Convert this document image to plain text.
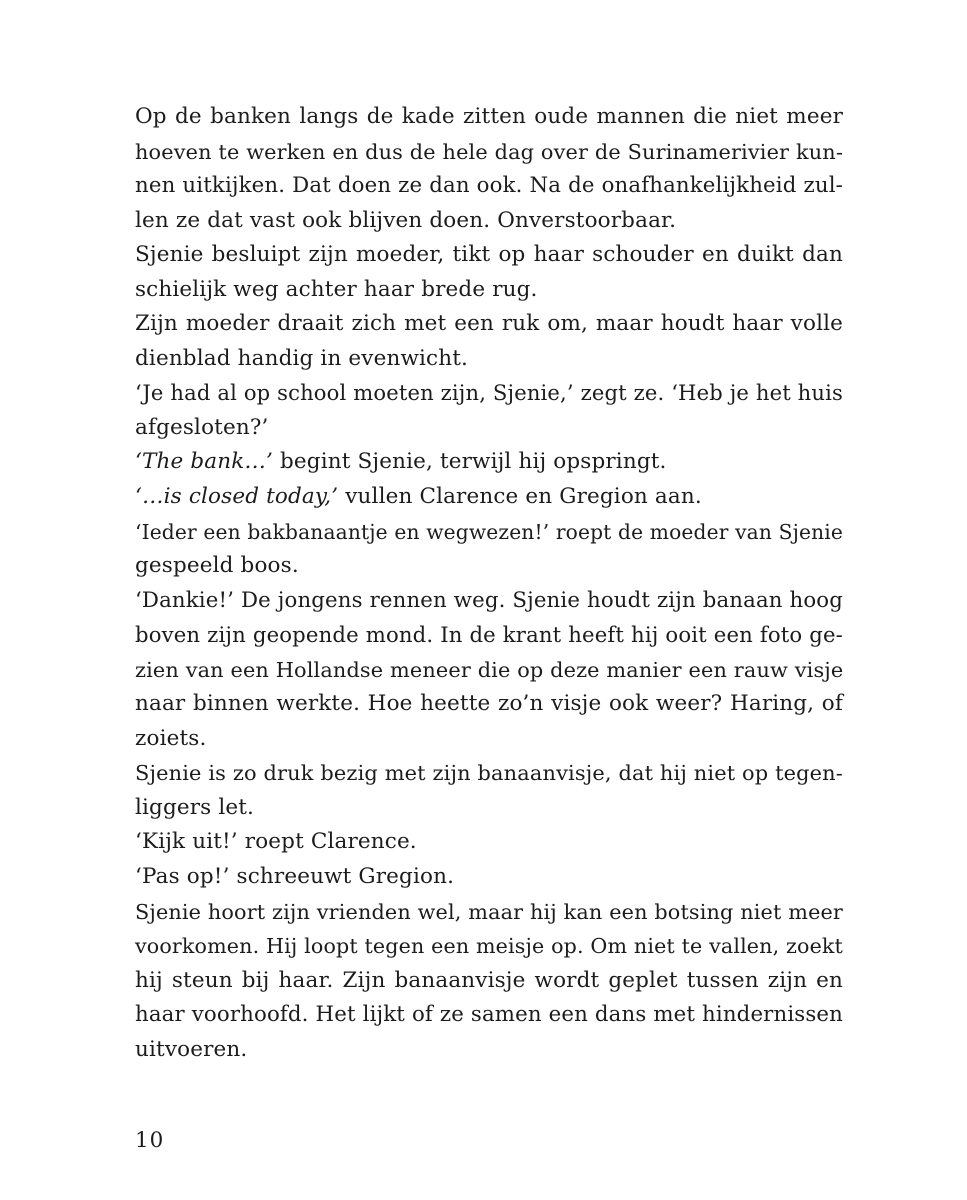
Op de banken langs de kade zitten oude mannen die niet meer
hoeven te werken en dus de hele dag over de Surinamerivier kun-
nen uitkijken. Dat doen ze dan ook. Na de onafhankelijkheid zul-
len ze dat vast ook blijven doen. Onverstoorbaar.
Sjenie besluipt zijn moeder, tikt op haar schouder en duikt dan
schielijk weg achter haar brede rug.
Zijn moeder draait zich met een ruk om, maar houdt haar volle
dienblad handig in evenwicht.
‘Je had al op school moeten zijn, Sjenie,’ zegt ze. ‘Heb je het huis
afgesloten?’
‘The bank…’ begint Sjenie, terwijl hij opspringt.
‘…is closed today,’ vullen Clarence en Gregion aan.
‘Ieder een bakbanaantje en wegwezen!’ roept de moeder van Sjenie
gespeeld boos.
‘Dankie!’ De jongens rennen weg. Sjenie houdt zijn banaan hoog
boven zijn geopende mond. In de krant heeft hij ooit een foto ge-
zien van een Hollandse meneer die op deze manier een rauw visje
naar binnen werkte. Hoe heette zo’n visje ook weer? Haring, of
zoiets.
Sjenie is zo druk bezig met zijn banaanvisje, dat hij niet op tegen-
liggers let.
‘Kijk uit!’ roept Clarence.
‘Pas op!’ schreeuwt Gregion.
Sjenie hoort zijn vrienden wel, maar hij kan een botsing niet meer
voorkomen. Hij loopt tegen een meisje op. Om niet te vallen, zoekt
hij steun bij haar. Zijn banaanvisje wordt geplet tussen zijn en
haar voorhoofd. Het lijkt of ze samen een dans met hindernissen
uitvoeren.
10
